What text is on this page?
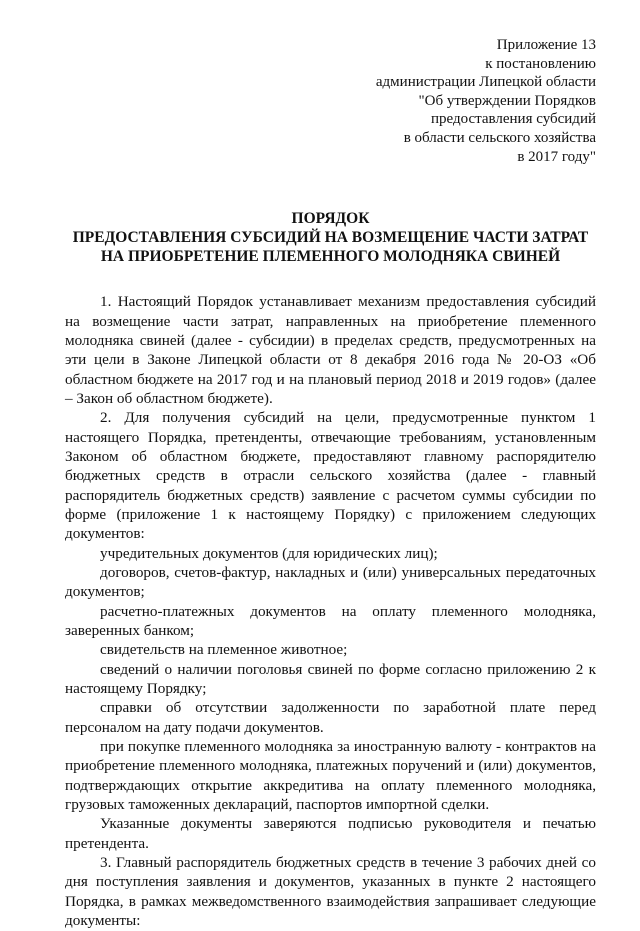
Приложение 13
к постановлению
администрации Липецкой области
"Об утверждении Порядков
предоставления субсидий
в области сельского хозяйства
в 2017 году"
ПОРЯДОК
ПРЕДОСТАВЛЕНИЯ СУБСИДИЙ НА ВОЗМЕЩЕНИЕ ЧАСТИ ЗАТРАТ
НА ПРИОБРЕТЕНИЕ ПЛЕМЕННОГО МОЛОДНЯКА СВИНЕЙ

1. Настоящий Порядок устанавливает механизм предоставления субсидий на возмещение части затрат, направленных на приобретение племенного молодняка свиней (далее - субсидии) в пределах средств, предусмотренных на эти цели в Законе Липецкой области от 8 декабря 2016 года № 20-ОЗ «Об областном бюджете на 2017 год и на плановый период 2018 и 2019 годов» (далее – Закон об областном бюджете).

2. Для получения субсидий на цели, предусмотренные пунктом 1 настоящего Порядка, претенденты, отвечающие требованиям, установленным Законом об областном бюджете, предоставляют главному распорядителю бюджетных средств в отрасли сельского хозяйства (далее - главный распорядитель бюджетных средств) заявление с расчетом суммы субсидии по форме (приложение 1 к настоящему Порядку) с приложением следующих документов:

учредительных документов (для юридических лиц);

договоров, счетов-фактур, накладных и (или) универсальных передаточных документов;

расчетно-платежных документов на оплату племенного молодняка, заверенных банком;

свидетельств на племенное животное;

сведений о наличии поголовья свиней по форме согласно приложению 2 к настоящему Порядку;

справки об отсутствии задолженности по заработной плате перед персоналом на дату подачи документов.

при покупке племенного молодняка за иностранную валюту - контрактов на приобретение племенного молодняка, платежных поручений и (или) документов, подтверждающих открытие аккредитива на оплату племенного молодняка, грузовых таможенных деклараций, паспортов импортной сделки.

Указанные документы заверяются подписью руководителя и печатью претендента.

3. Главный распорядитель бюджетных средств в течение 3 рабочих дней со дня поступления заявления и документов, указанных в пункте 2 настоящего Порядка, в рамках межведомственного взаимодействия запрашивает следующие документы:
